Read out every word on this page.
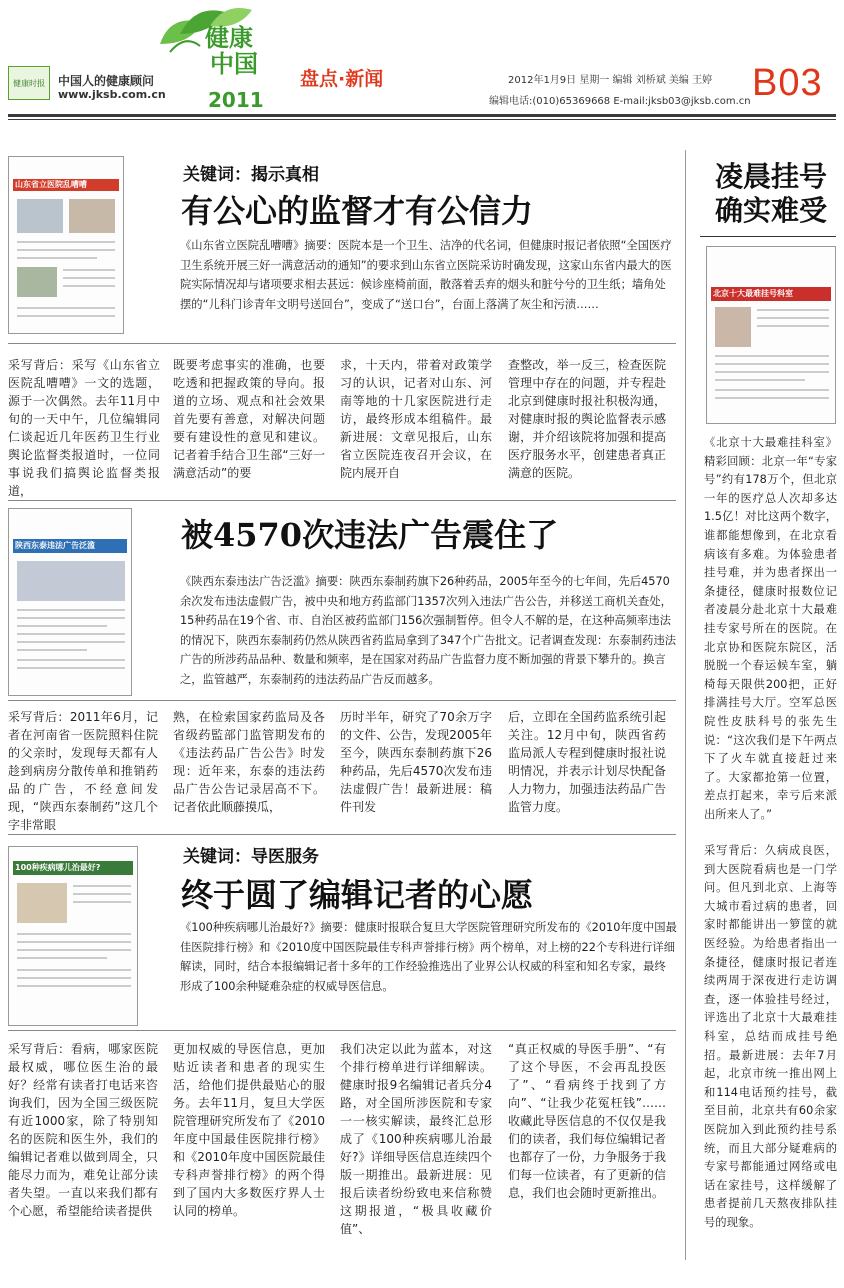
健康时报	中国人的健康顾问
www.jksb.com.cn
健康
中国
2011
盘点·新闻	2012年1月9日 星期一 编辑 刘桥斌 美编 王婷
编辑电话:(010)65369668 E-mail:jksb03@jksb.com.cn B03
山东省立医院乱嘈嘈	关键词：揭示真相
有公心的监督才有公信力
《山东省立医院乱嘈嘈》摘要：医院本是一个卫生、洁净的代名词，但健康时报记者依照“全国医疗卫生系统开展三好一满意活动的通知”的要求到山东省立医院采访时确发现，这家山东省内最大的医院实际情况却与诸项要求相去甚远：候诊座椅前面，散落着丢弃的烟头和脏兮兮的卫生纸；墙角处摆的“儿科门诊青年文明号送回台”，变成了“送口台”，台面上落满了灰尘和污渍……
采写背后：采写《山东省立医院乱嘈嘈》一文的选题，源于一次偶然。去年11月中旬的一天中午，几位编辑同仁谈起近几年医药卫生行业舆论监督类报道时，一位同事说我们搞舆论监督类报道，
既要考虑事实的准确，也要吃透和把握政策的导向。报道的立场、观点和社会效果首先要有善意，对解决问题要有建设性的意见和建议。记者着手结合卫生部“三好一满意活动”的要
求，十天内，带着对政策学习的认识，记者对山东、河南等地的十几家医院进行走访，最终形成本组稿件。最新进展：文章见报后，山东省立医院连夜召开会议，在院内展开自
查整改，举一反三，检查医院管理中存在的问题，并专程赴北京到健康时报社积极沟通，对健康时报的舆论监督表示感谢，并介绍该院将加强和提高医疗服务水平，创建患者真正满意的医院。
陕西东泰违法广告泛滥	被4570次违法广告震住了
《陕西东泰违法广告泛滥》摘要：陕西东泰制药旗下26种药品，2005年至今的七年间，先后4570余次发布违法虚假广告，被中央和地方药监部门1357次列入违法广告公告，并移送工商机关查处，15种药品在19个省、市、自治区被药监部门156次强制暂停。但令人不解的是，在这种高频率违法的情况下，陕西东泰制药仍然从陕西省药监局拿到了347个广告批文。记者调查发现：东泰制药违法广告的所涉药品品种、数量和频率，是在国家对药品广告监督力度不断加强的背景下攀升的。换言之，监管越严，东泰制药的违法药品广告反而越多。
采写背后：2011年6月，记者在河南省一医院照料住院的父亲时，发现每天都有人趁到病房分散传单和推销药品的广告，不经意间发现，“陕西东泰制药”这几个字非常眼
熟，在检索国家药监局及各省级药監部门监管期发布的《违法药品广告公告》时发现：近年来，东泰的违法药品广告公告记录居高不下。记者依此顺藤摸瓜，
历时半年，研究了70余万字的文件、公告，发现2005年至今，陕西东泰制药旗下26种药品，先后4570次发布违法虚假广告！最新进展：稿件刊发
后，立即在全国药监系统引起关注。12月中旬，陕西省药监局派人专程到健康时报社说明情况，并表示计划尽快配备人力物力，加强违法药品广告监管力度。
100种疾病哪儿治最好?
关键词：导医服务
终于圆了编辑记者的心愿
《100种疾病哪儿治最好?》摘要：健康时报联合复旦大学医院管理研究所发布的《2010年度中国最佳医院排行榜》和《2010度中国医院最佳专科声誉排行榜》两个榜单，对上榜的22个专科进行详细解读，同时，结合本报编辑记者十多年的工作经验推选出了业界公认权威的科室和知名专家，最终形成了100余种疑难杂症的权威导医信息。
采写背后：看病，哪家医院最权威，哪位医生治的最好？经常有读者打电话来咨询我们，因为全国三级医院有近1000家，除了特别知名的医院和医生外，我们的编辑记者难以做到周全，只能尽力而为，难免让部分读者失望。一直以来我们都有个心愿，希望能给读者提供
更加权威的导医信息，更加贴近读者和患者的现实生活，给他们提供最贴心的服务。去年11月，复旦大学医院管理研究所发布了《2010年度中国最佳医院排行榜》和《2010年度中国医院最佳专科声誉排行榜》的两个得到了国内大多数医疗界人士认同的榜单。
我们决定以此为蓝本，对这个排行榜单进行详细解读。健康时报9名编辑记者兵分4路，对全国所涉医院和专家一一核实解读，最终汇总形成了《100种疾病哪儿治最好?》详细导医信息连续四个版一期推出。最新进展：见报后读者纷纷致电来信称赞这期报道，“极具收藏价值”、
“真正权威的导医手册”、“有了这个导医，不会再乱投医了”、“看病终于找到了方向”、“让我少花冤枉钱”……收藏此导医信息的不仅仅是我们的读者，我们每位编辑记者也都存了一份，力争服务于我们每一位读者，有了更新的信息，我们也会随时更新推出。
凌晨挂号
确实难受
北京十大最难挂号科室
《北京十大最难挂科室》精彩回顾：北京一年“专家号”约有178万个，但北京一年的医疗总人次却多达1.5亿！对比这两个数字，谁都能想像到，在北京看病该有多难。为体验患者挂号难，并为患者探出一条捷径，健康时报数位记者凌晨分赴北京十大最难挂专家号所在的医院。在北京协和医院东院区，活脱脱一个春运候车室，躺椅每天限供200把，正好排满挂号大厅。空军总医院性皮肤科号的张先生说：“这次我们是下午两点下了火车就直接赶过来了。大家都抢第一位置，差点打起来，幸亏后来派出所来人了。”
采写背后：久病成良医，到大医院看病也是一门学问。但凡到北京、上海等大城市看过病的患者，回家时都能讲出一箩筐的就医经验。为给患者指出一条捷径，健康时报记者连续两周于深夜进行走访调查，逐一体验挂号经过，评选出了北京十大最难挂科室，总结而成挂号绝招。最新进展：去年7月起，北京市统一推出网上和114电话预约挂号，截至目前，北京共有60余家医院加入到此预约挂号系统，而且大部分疑难病的专家号都能通过网络或电话在家挂号，这样缓解了患者提前几天熬夜排队挂号的现象。
